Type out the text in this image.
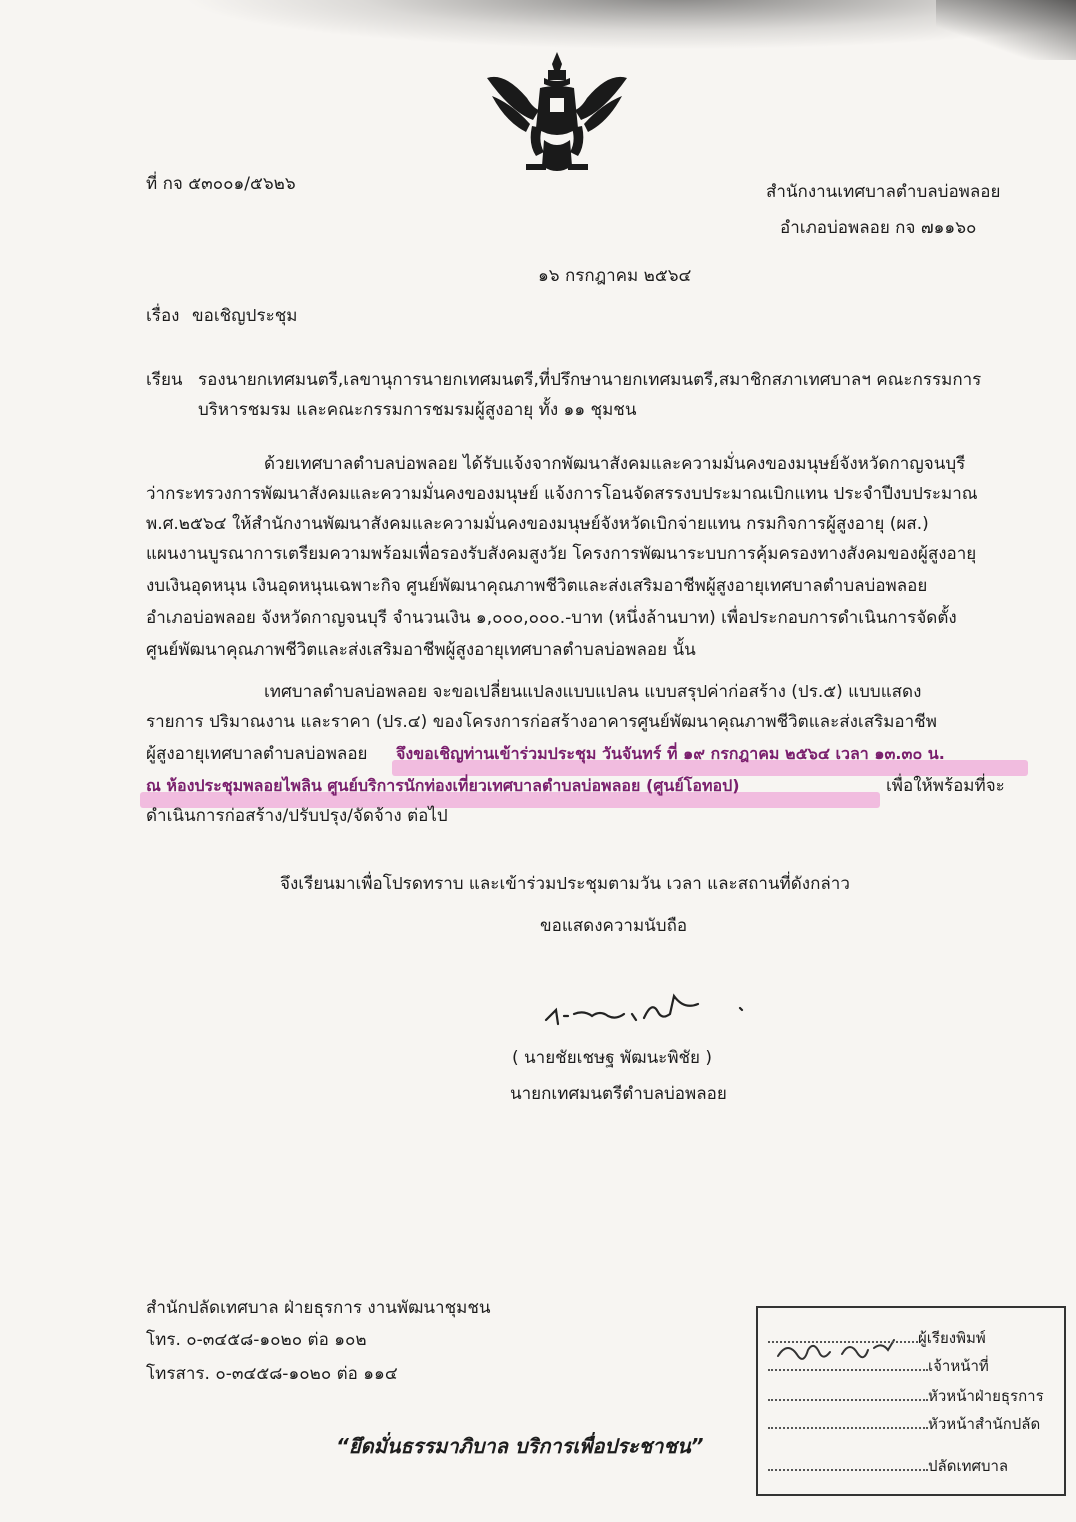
ที่ กจ ๕๓๐๐๑/๕๖๒๖	สำนักงานเทศบาลตำบลบ่อพลอย
อำเภอบ่อพลอย กจ ๗๑๑๖๐
๑๖ กรกฎาคม ๒๕๖๔
เรื่อง ขอเชิญประชุม
เรียน รองนายกเทศมนตรี,เลขานุการนายกเทศมนตรี,ที่ปรึกษานายกเทศมนตรี,สมาชิกสภาเทศบาลฯ คณะกรรมการ
บริหารชมรม และคณะกรรมการชมรมผู้สูงอายุ ทั้ง ๑๑ ชุมชน
ด้วยเทศบาลตำบลบ่อพลอย ได้รับแจ้งจากพัฒนาสังคมและความมั่นคงของมนุษย์จังหวัดกาญจนบุรี
ว่ากระทรวงการพัฒนาสังคมและความมั่นคงของมนุษย์ แจ้งการโอนจัดสรรงบประมาณเบิกแทน ประจำปีงบประมาณ
พ.ศ.๒๕๖๔ ให้สำนักงานพัฒนาสังคมและความมั่นคงของมนุษย์จังหวัดเบิกจ่ายแทน กรมกิจการผู้สูงอายุ (ผส.)
แผนงานบูรณาการเตรียมความพร้อมเพื่อรองรับสังคมสูงวัย โครงการพัฒนาระบบการคุ้มครองทางสังคมของผู้สูงอายุ
งบเงินอุดหนุน เงินอุดหนุนเฉพาะกิจ ศูนย์พัฒนาคุณภาพชีวิตและส่งเสริมอาชีพผู้สูงอายุเทศบาลตำบลบ่อพลอย
อำเภอบ่อพลอย จังหวัดกาญจนบุรี จำนวนเงิน ๑,๐๐๐,๐๐๐.-บาท (หนึ่งล้านบาท) เพื่อประกอบการดำเนินการจัดตั้ง
ศูนย์พัฒนาคุณภาพชีวิตและส่งเสริมอาชีพผู้สูงอายุเทศบาลตำบลบ่อพลอย นั้น
เทศบาลตำบลบ่อพลอย จะขอเปลี่ยนแปลงแบบแปลน แบบสรุปค่าก่อสร้าง (ปร.๕) แบบแสดง
รายการ ปริมาณงาน และราคา (ปร.๔) ของโครงการก่อสร้างอาคารศูนย์พัฒนาคุณภาพชีวิตและส่งเสริมอาชีพ
ผู้สูงอายุเทศบาลตำบลบ่อพลอย จึงขอเชิญท่านเข้าร่วมประชุม วันจันทร์ ที่ ๑๙ กรกฎาคม ๒๕๖๔ เวลา ๑๓.๓๐ น.
ณ ห้องประชุมพลอยไพลิน ศูนย์บริการนักท่องเที่ยวเทศบาลตำบลบ่อพลอย (ศูนย์โอทอป)	เพื่อให้พร้อมที่จะ
ดำเนินการก่อสร้าง/ปรับปรุง/จัดจ้าง ต่อไป
จึงเรียนมาเพื่อโปรดทราบ และเข้าร่วมประชุมตามวัน เวลา และสถานที่ดังกล่าว
ขอแสดงความนับถือ
( นายชัยเชษฐ พัฒนะพิชัย )
นายกเทศมนตรีตำบลบ่อพลอย
สำนักปลัดเทศบาล ฝ่ายธุรการ งานพัฒนาชุมชน
โทร. ๐-๓๔๕๘-๑๐๒๐ ต่อ ๑๐๒
โทรสาร. ๐-๓๔๕๘-๑๐๒๐ ต่อ ๑๑๔
“ยึดมั่นธรรมาภิบาล บริการเพื่อประชาชน”
ผู้เรียงพิมพ์
เจ้าหน้าที่
หัวหน้าฝ่ายธุรการ
หัวหน้าสำนักปลัด
ปลัดเทศบาล
